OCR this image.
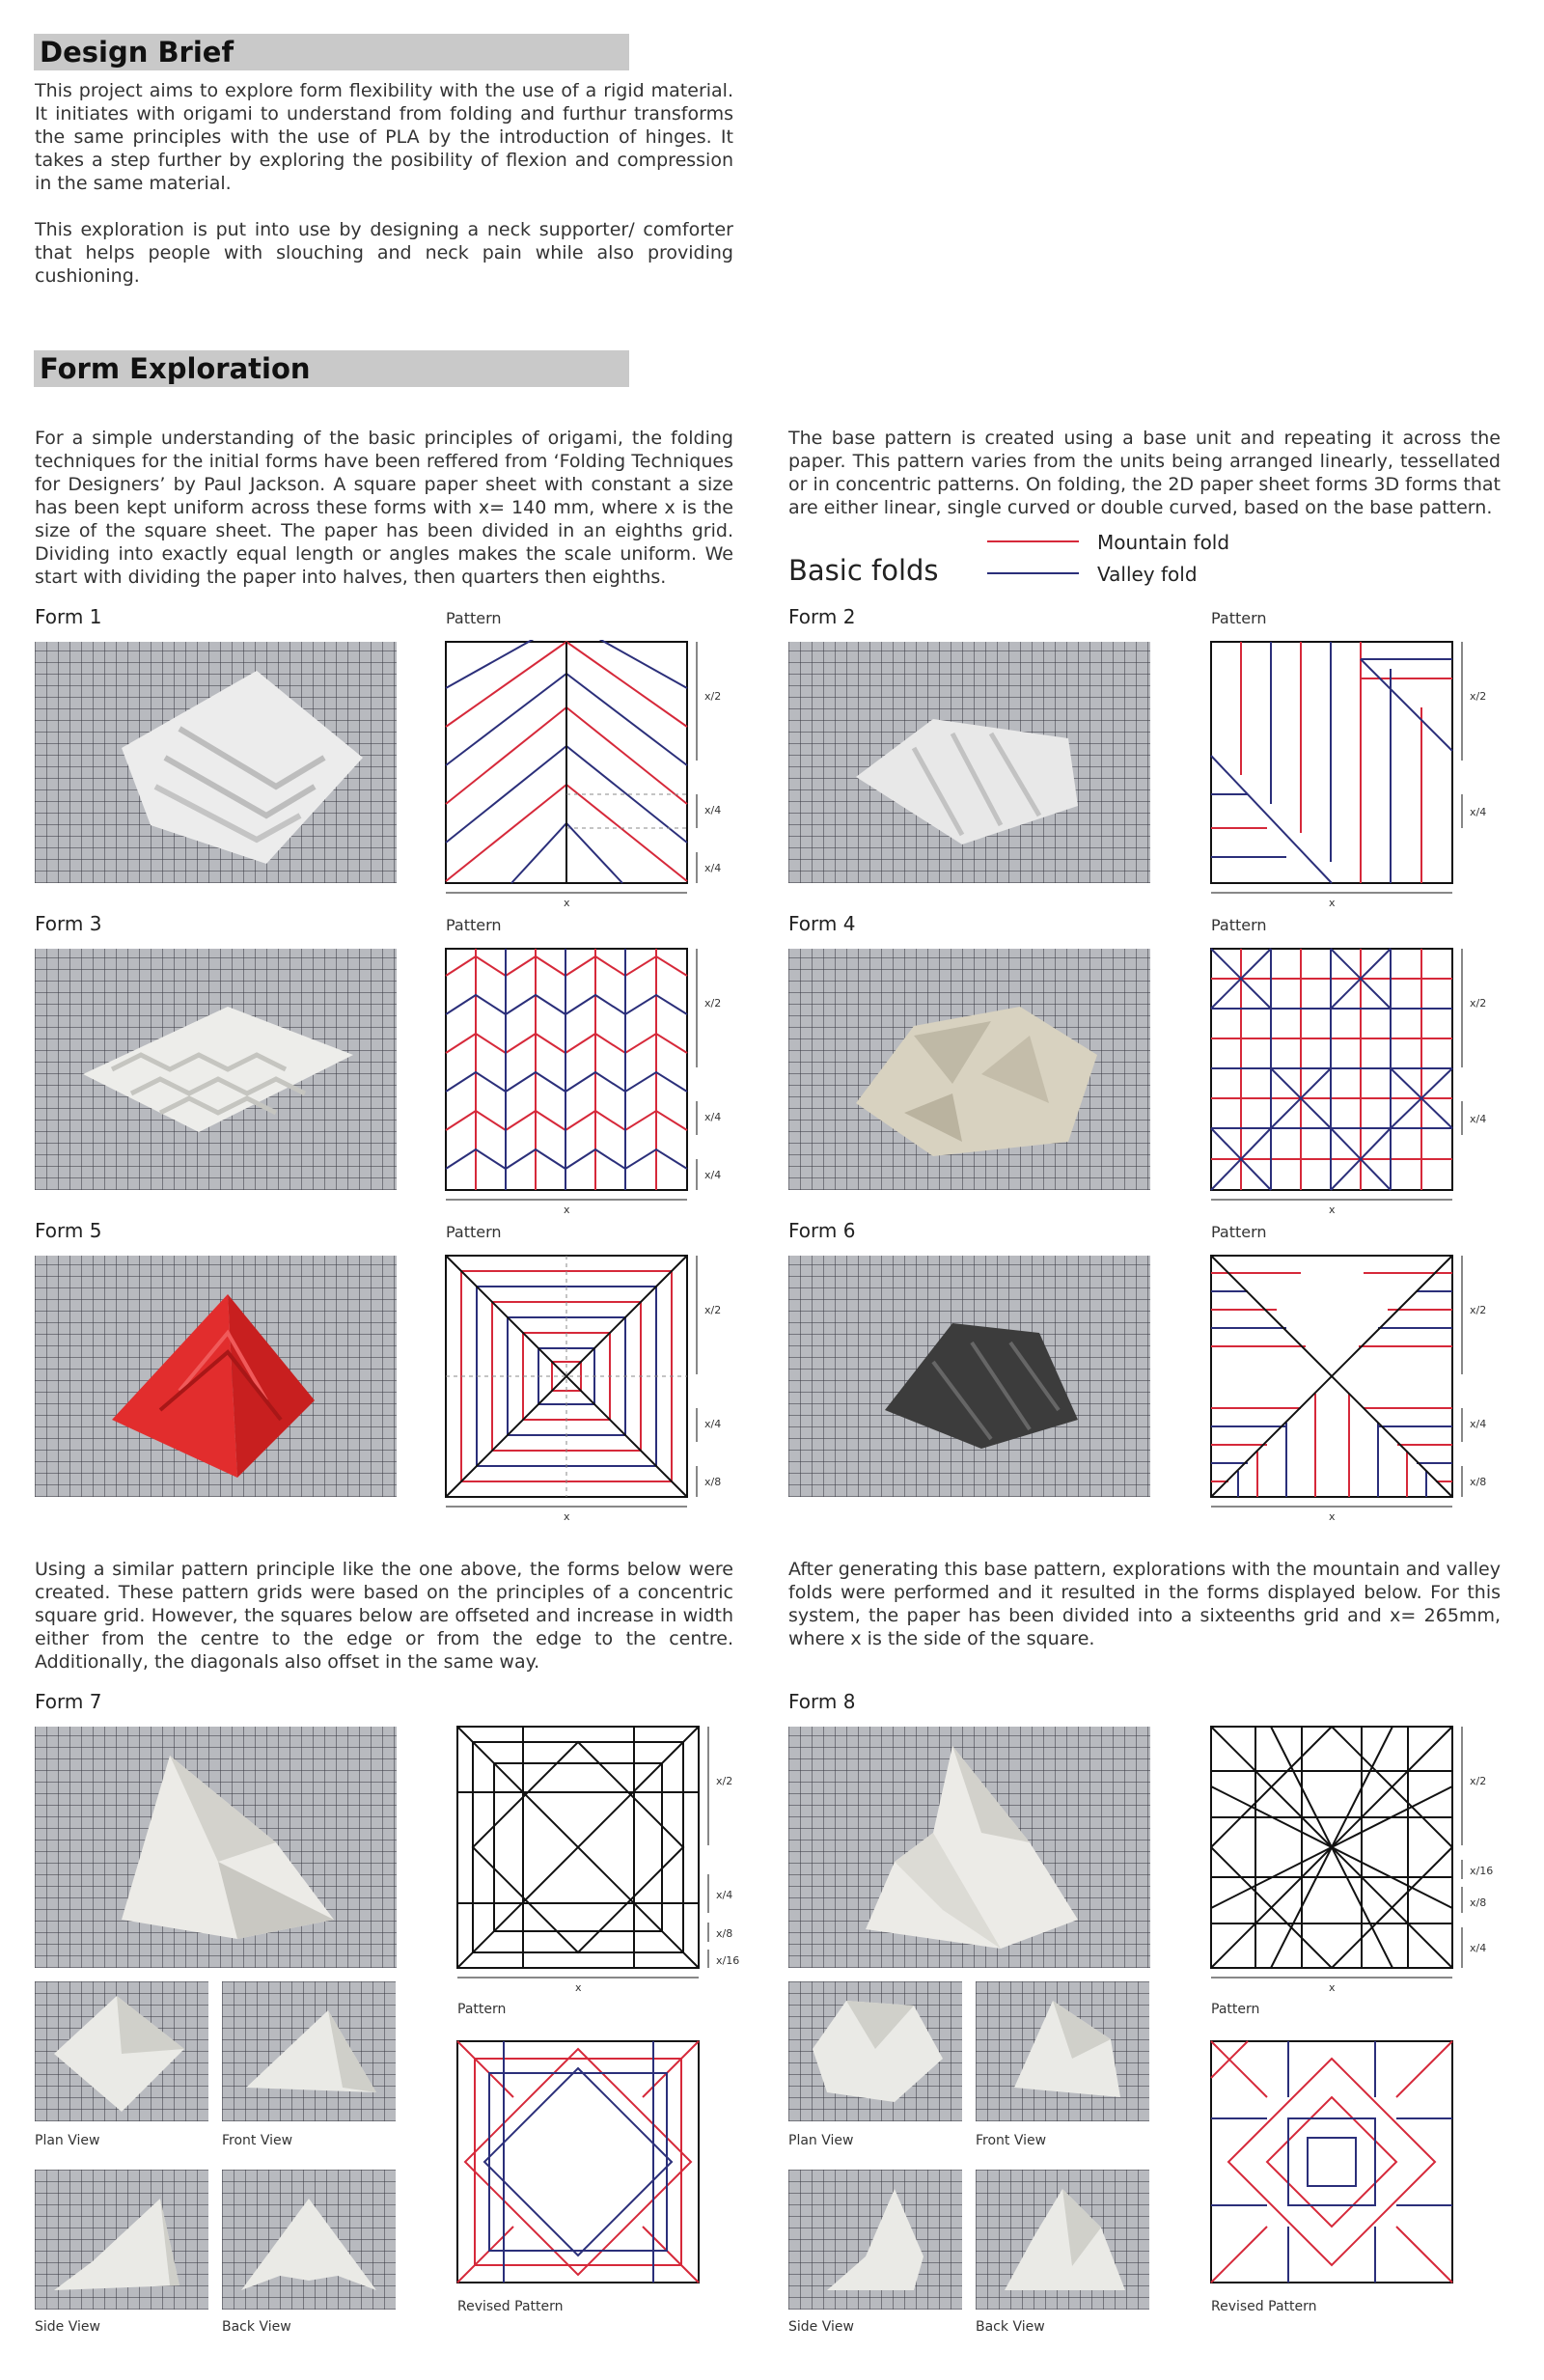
Design Brief
This project aims to explore form flexibility with the use of a rigid material. It initiates with origami to understand from folding and furthur transforms the same principles with the use of PLA by the introduction of hinges. It takes a step further by exploring the posibility of flexion and compression in the same material.
This exploration is put into use by designing a neck supporter/ comforter that helps people with slouching and neck pain while also providing cushioning.
Form Exploration
For a simple understanding of the basic principles of origami, the folding techniques for the initial forms have been reffered from ‘Folding Techniques for Designers’ by Paul Jackson. A square paper sheet with constant a size has been kept uniform across these forms with x= 140 mm, where x is the size of the square sheet. The paper has been divided in an eighths grid. Dividing into exactly equal length or angles makes the scale uniform. We start with dividing the paper into halves, then quarters then eighths.
The base pattern is created using a base unit and repeating it across the paper. This pattern varies from the units being arranged linearly, tessellated or in concentric patterns. On folding, the 2D paper sheet forms 3D forms that are either linear, single curved or double curved, based on the base pattern.
Basic folds
Mountain fold
Valley fold
Form 1	Pattern	Form 2	Pattern
Form 3	Pattern	Form 4	Pattern
Form 5	Pattern	Form 6	Pattern
x/2
x/4
x/4
x
x/2
x/4
x
x/2
x/4
x/4
x
x/2
x/4
x
x/2
x/4
x/8
x
x/2
x/4
x/8
x
Using a similar pattern principle like the one above, the forms below were created. These pattern grids were based on the principles of a concentric square grid. However, the squares below are offseted and increase in width either from the centre to the edge or from the edge to the centre. Additionally, the diagonals also offset in the same way.
After generating this base pattern, explorations with the mountain and valley folds were performed and it resulted in the forms displayed below. For this system, the paper has been divided into a sixteenths grid and x= 265mm, where x is the side of the square.
Form 7	Form 8
Plan View	Front View
Side View	Back View
x/2
x/4
x/8
x/16
x
Pattern
Revised Pattern
Plan View	Front View
Side View	Back View
x/2
x/16
x/8
x/4
x
Pattern
Revised Pattern
